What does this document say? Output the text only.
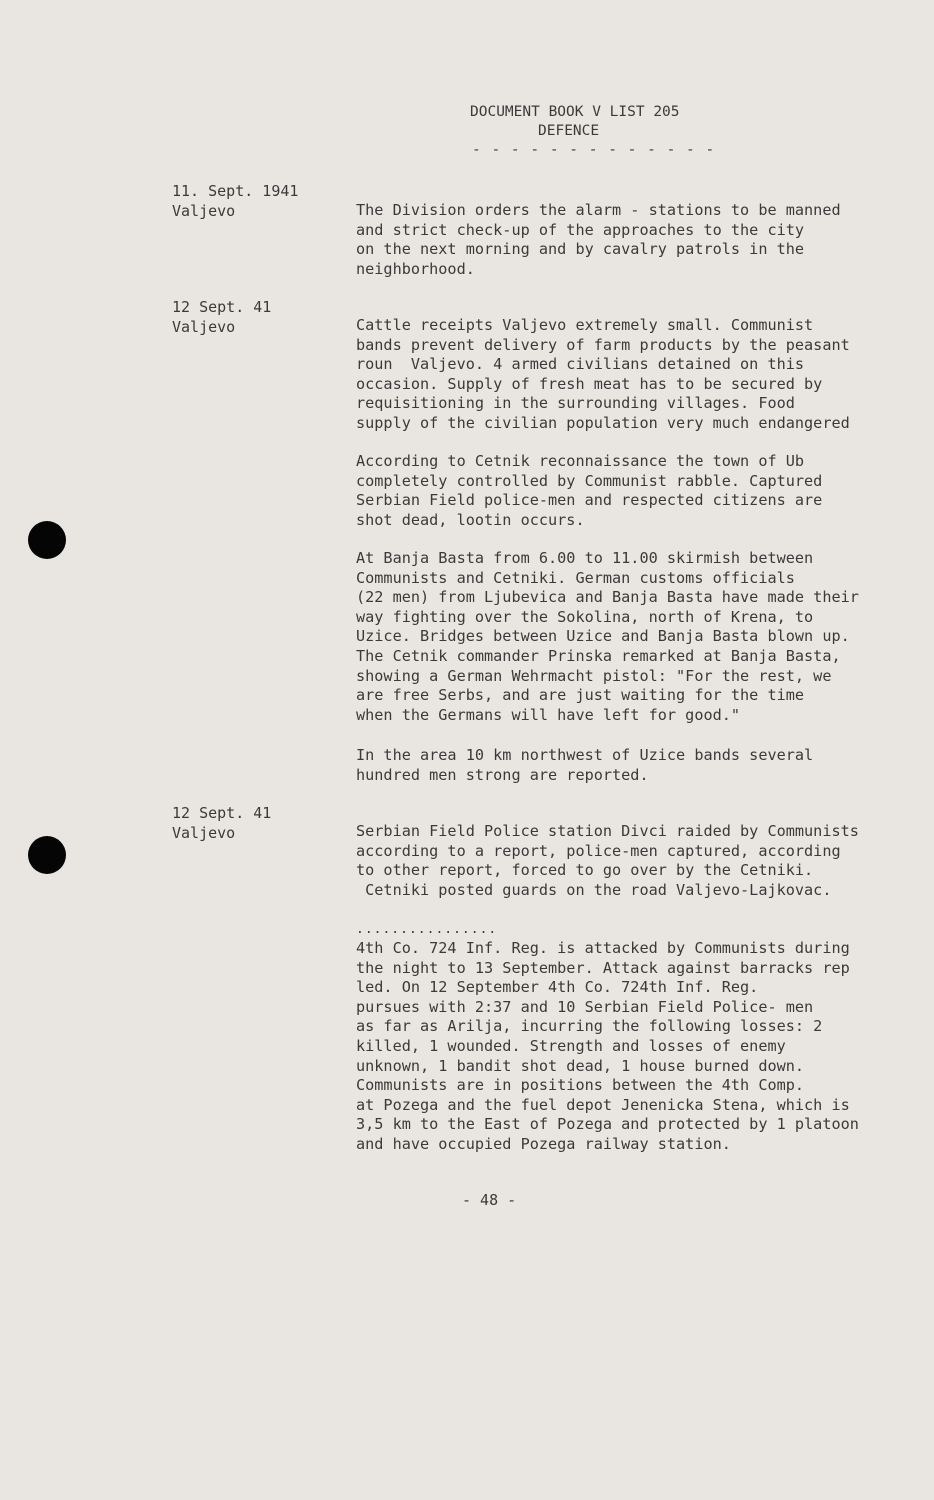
DOCUMENT BOOK V LIST 205
DEFENCE
- - - - - - - - - - - - -
11. Sept. 1941
Valjevo	The Division orders the alarm - stations to be manned
and strict check-up of the approaches to the city
on the next morning and by cavalry patrols in the
neighborhood.
12 Sept. 41
Valjevo	Cattle receipts Valjevo extremely small. Communist
bands prevent delivery of farm products by the peasant
roun  Valjevo. 4 armed civilians detained on this
occasion. Supply of fresh meat has to be secured by
requisitioning in the surrounding villages. Food
supply of the civilian population very much endangered
According to Cetnik reconnaissance the town of Ub
completely controlled by Communist rabble. Captured
Serbian Field police-men and respected citizens are
shot dead, lootin occurs.
At Banja Basta from 6.00 to 11.00 skirmish between
Communists and Cetniki. German customs officials
(22 men) from Ljubevica and Banja Basta have made their
way fighting over the Sokolina, north of Krena, to
Uzice. Bridges between Uzice and Banja Basta blown up.
The Cetnik commander Prinska remarked at Banja Basta,
showing a German Wehrmacht pistol: "For the rest, we
are free Serbs, and are just waiting for the time
when the Germans will have left for good."
In the area 10 km northwest of Uzice bands several
hundred men strong are reported.
12 Sept. 41
Valjevo	Serbian Field Police station Divci raided by Communists
according to a report, police-men captured, according
to other report, forced to go over by the Cetniki.
Cetniki posted guards on the road Valjevo-Lajkovac.
................
4th Co. 724 Inf. Reg. is attacked by Communists during
the night to 13 September. Attack against barracks rep
led. On 12 September 4th Co. 724th Inf. Reg.
pursues with 2:37 and 10 Serbian Field Police- men
as far as Arilja, incurring the following losses: 2
killed, 1 wounded. Strength and losses of enemy
unknown, 1 bandit shot dead, 1 house burned down.
Communists are in positions between the 4th Comp.
at Pozega and the fuel depot Jenenicka Stena, which is
3,5 km to the East of Pozega and protected by 1 platoon
and have occupied Pozega railway station.
- 48 -
